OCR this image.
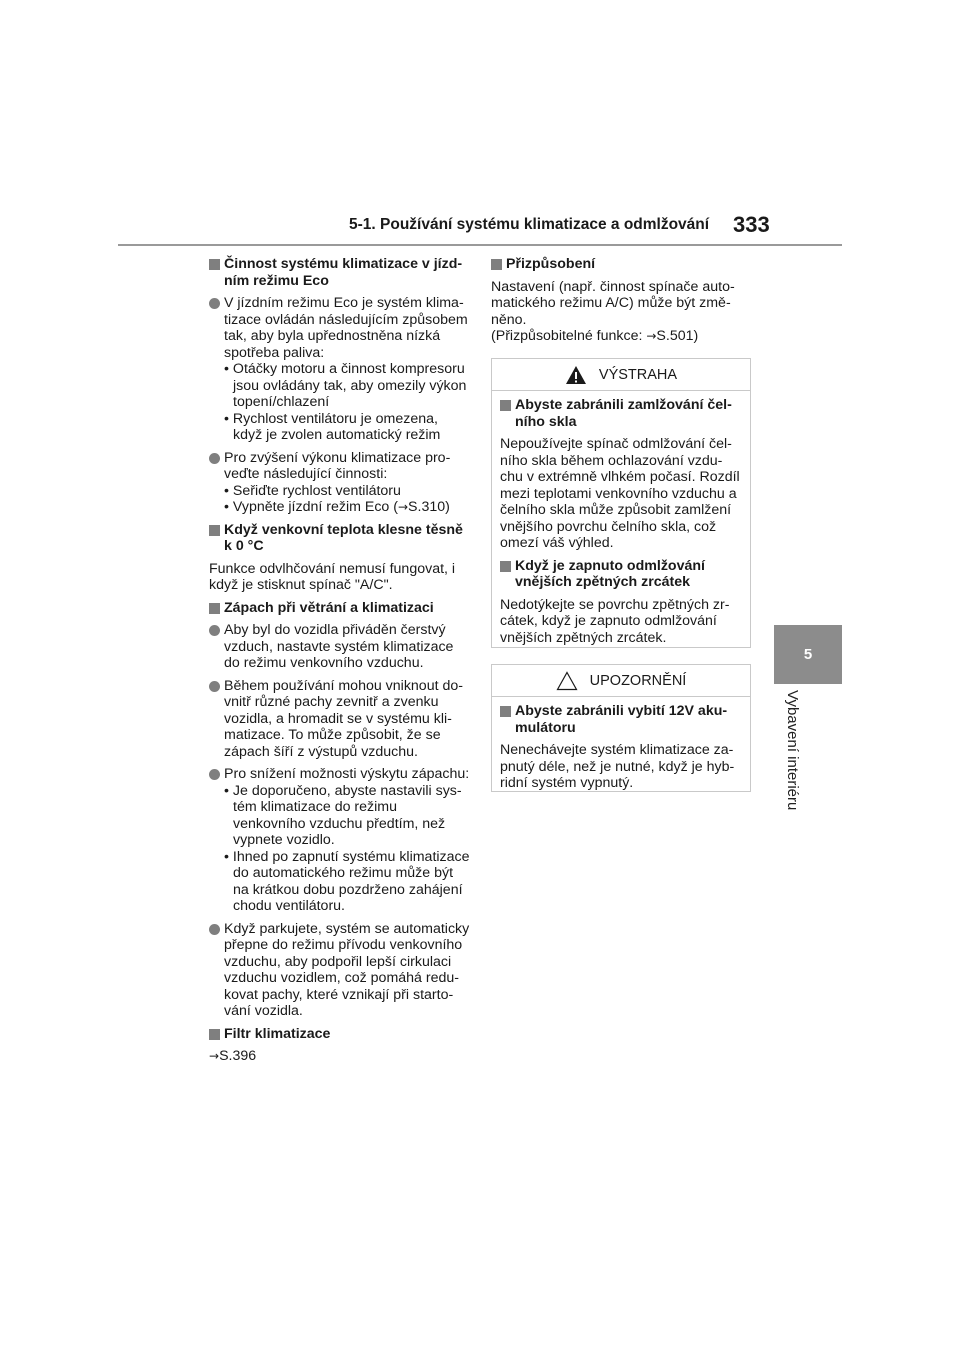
5-1. Používání systému klimatizace a odmlžování 333
5
Vybavení interiéru
Činnost systému klimatizace v jízd-ním režimu Eco
V jízdním režimu Eco je systém klima-tizace ovládán následujícím způsobem tak, aby byla upřednostněna nízká spotřeba paliva:
• Otáčky motoru a činnost kompresoru jsou ovládány tak, aby omezily výkon topení/chlazení
• Rychlost ventilátoru je omezena, když je zvolen automatický režim
Pro zvýšení výkonu klimatizace pro-veďte následující činnosti:
• Seřiďte rychlost ventilátoru
• Vypněte jízdní režim Eco (→S.310)
Když venkovní teplota klesne těsně k 0 °C
Funkce odvlhčování nemusí fungovat, i když je stisknut spínač "A/C".
Zápach při větrání a klimatizaci
Aby byl do vozidla přiváděn čerstvý vzduch, nastavte systém klimatizace do režimu venkovního vzduchu.
Během používání mohou vniknout do-vnitř různé pachy zevnitř a zvenku vozidla, a hromadit se v systému kli-matizace. To může způsobit, že se zápach šíří z výstupů vzduchu.
Pro snížení možnosti výskytu zápachu:
• Je doporučeno, abyste nastavili sys-tém klimatizace do režimu venkovního vzduchu předtím, než vypnete vozidlo.
• Ihned po zapnutí systému klimatizace do automatického režimu může být na krátkou dobu pozdrženo zahájení chodu ventilátoru.
Když parkujete, systém se automaticky přepne do režimu přívodu venkovního vzduchu, aby podpořil lepší cirkulaci vzduchu vozidlem, což pomáhá redu-kovat pachy, které vznikají při starto-vání vozidla.
Filtr klimatizace
→S.396
Přizpůsobení
Nastavení (např. činnost spínače auto-matického režimu A/C) může být změ-něno.
(Přizpůsobitelné funkce: →S.501)
VÝSTRAHA
Abyste zabránili zamlžování čel-ního skla
Nepoužívejte spínač odmlžování čel-ního skla během ochlazování vzdu-chu v extrémně vlhkém počasí. Rozdíl mezi teplotami venkovního vzduchu a čelního skla může způsobit zamlžení vnějšího povrchu čelního skla, což omezí váš výhled.
Když je zapnuto odmlžování vnějších zpětných zrcátek
Nedotýkejte se povrchu zpětných zr-cátek, když je zapnuto odmlžování vnějších zpětných zrcátek.
UPOZORNĚNÍ
Abyste zabránili vybití 12V aku-mulátoru
Nenechávejte systém klimatizace za-pnutý déle, než je nutné, když je hyb-ridní systém vypnutý.
